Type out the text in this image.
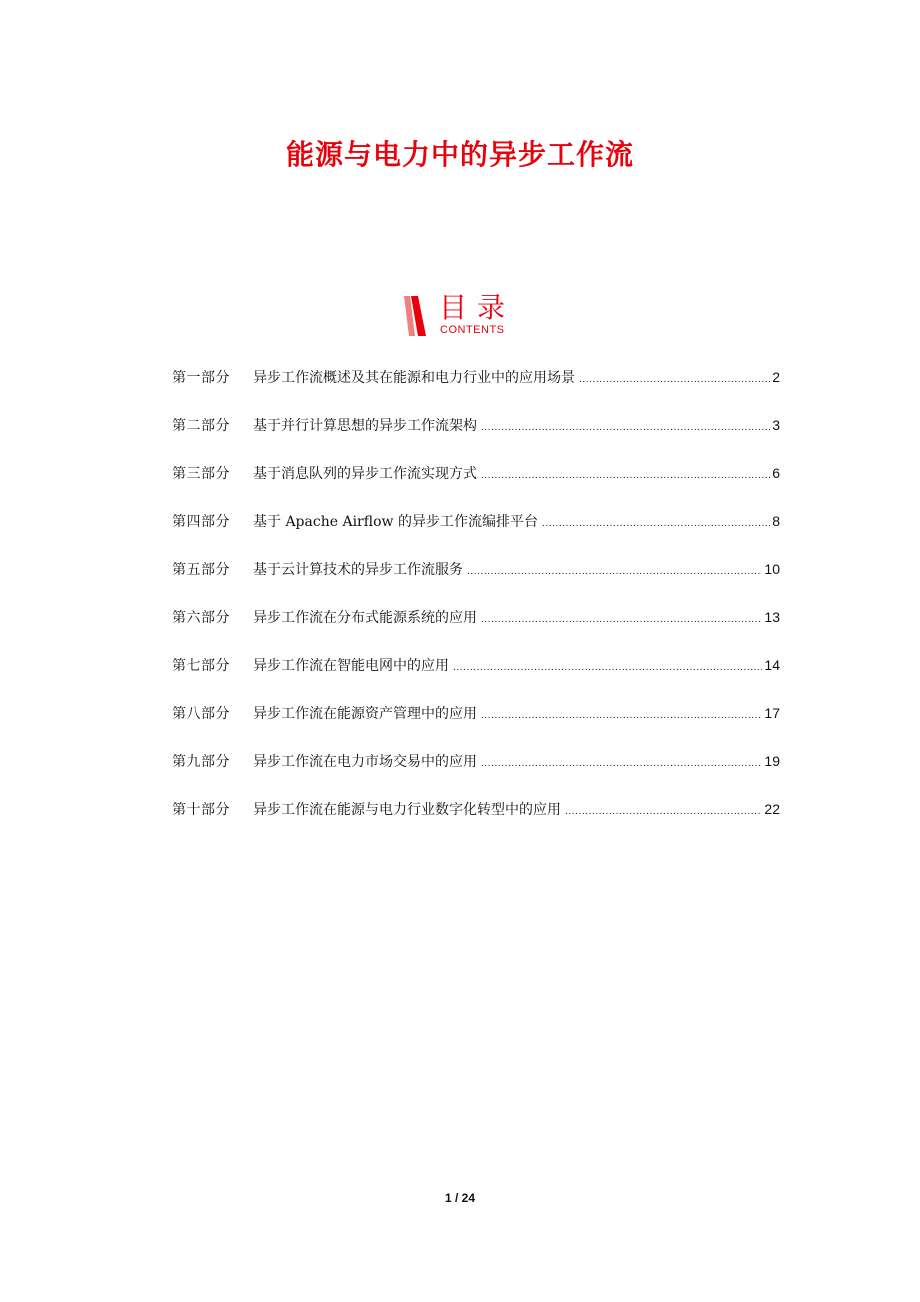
能源与电力中的异步工作流
目录
CONTENTS
第一部分	异步工作流概述及其在能源和电力行业中的应用场景 .....	2
第二部分	基于并行计算思想的异步工作流架构 .....	3
第三部分	基于消息队列的异步工作流实现方式 .....	6
第四部分	基于 Apache Airflow 的异步工作流编排平台 .....	8
第五部分	基于云计算技术的异步工作流服务 .....	10
第六部分	异步工作流在分布式能源系统的应用 .....	13
第七部分	异步工作流在智能电网中的应用 .....	14
第八部分	异步工作流在能源资产管理中的应用 .....	17
第九部分	异步工作流在电力市场交易中的应用 .....	19
第十部分	异步工作流在能源与电力行业数字化转型中的应用 .....	22
1 / 24
